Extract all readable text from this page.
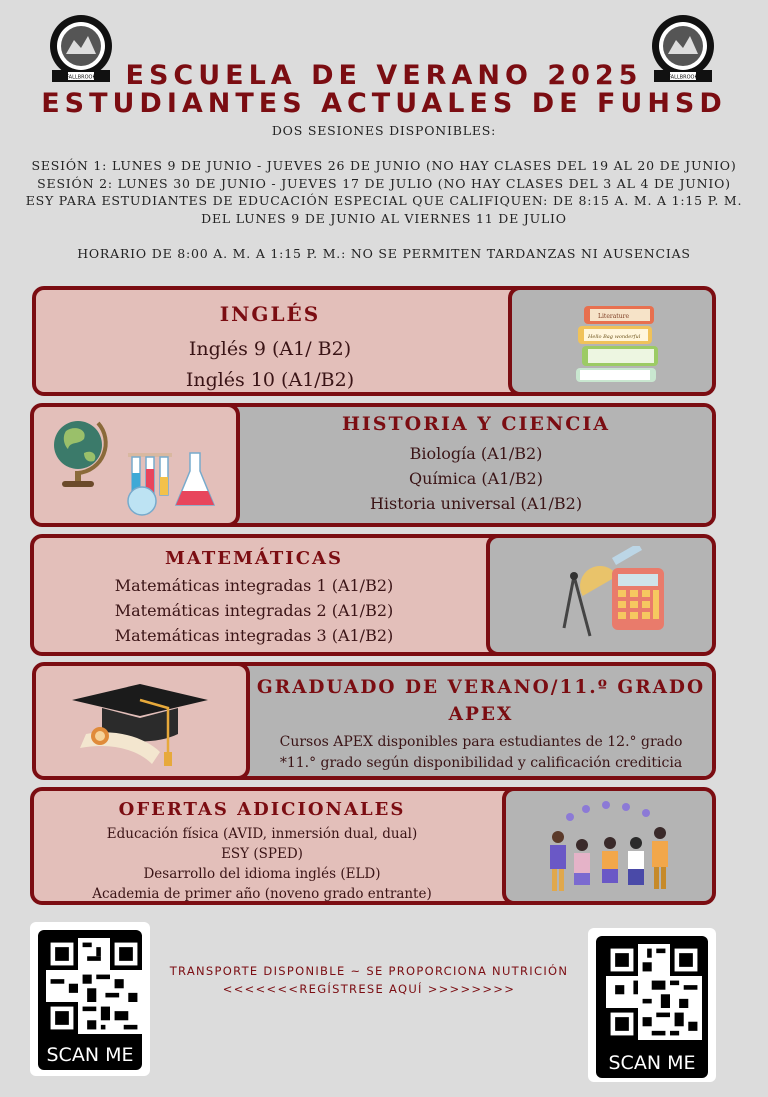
FALLBROOK	FALLBROOK
ESCUELA DE VERANO 2025
ESTUDIANTES ACTUALES DE FUHSD
DOS SESIONES DISPONIBLES:
SESIÓN 1: LUNES 9 DE JUNIO - JUEVES 26 DE JUNIO (NO HAY CLASES DEL 19 AL 20 DE JUNIO)
SESIÓN 2: LUNES 30 DE JUNIO - JUEVES 17 DE JULIO (NO HAY CLASES DEL 3 AL 4 DE JUNIO)
ESY PARA ESTUDIANTES DE EDUCACIÓN ESPECIAL QUE CALIFIQUEN: DE 8:15 A. M. A 1:15 P. M.
DEL LUNES 9 DE JUNIO AL VIERNES 11 DE JULIO
HORARIO DE 8:00 A. M. A 1:15 P. M.: NO SE PERMITEN TARDANZAS NI AUSENCIAS
Literature
Hello Bag wonderful
INGLÉS
Inglés 9 (A1/ B2)
Inglés 10 (A1/B2)
HISTORIA Y CIENCIA
Biología (A1/B2)
Química (A1/B2)
Historia universal (A1/B2)
MATEMÁTICAS
Matemáticas integradas 1 (A1/B2)
Matemáticas integradas 2 (A1/B2)
Matemáticas integradas 3 (A1/B2)
GRADUADO DE VERANO/11.º GRADO
APEX
Cursos APEX disponibles para estudiantes de 12.° grado
*11.° grado según disponibilidad y calificación crediticia
OFERTAS ADICIONALES
Educación física (AVID, inmersión dual, dual)
ESY (SPED)
Desarrollo del idioma inglés (ELD)
Academia de primer año (noveno grado entrante)
TRANSPORTE DISPONIBLE ~ SE PROPORCIONA NUTRICIÓN
<<<<<<<REGÍSTRESE AQUÍ >>>>>>>>
SCAN ME	SCAN ME
